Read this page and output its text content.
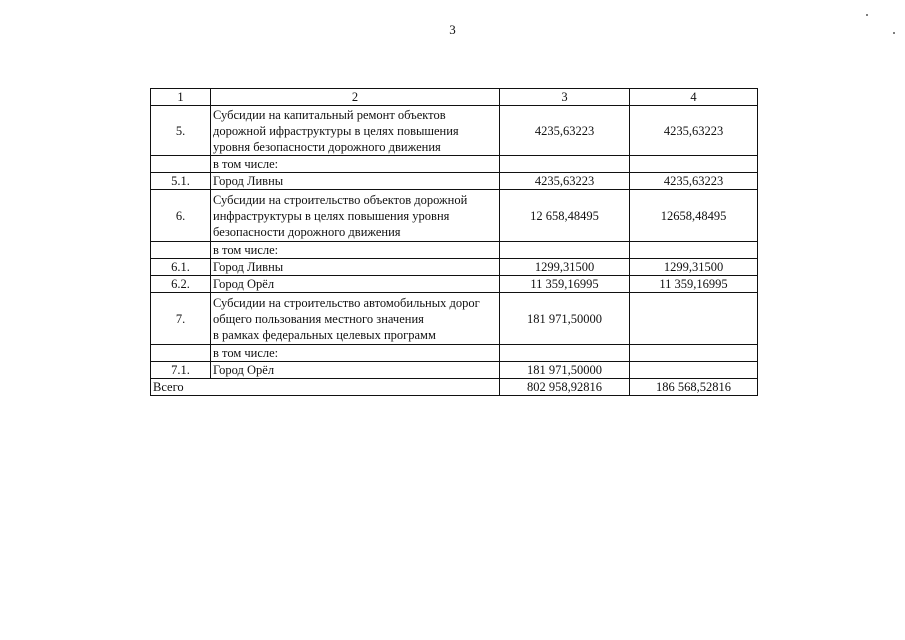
3
1	2	3	4
5.	Субсидии на капитальный ремонт объектов
дорожной ифраструктуры в целях повышения
уровня безопасности дорожного движения	4235,63223	4235,63223

	в том числе:		

5.1.	Город Ливны	4235,63223	4235,63223
6.	Субсидии на строительство объектов дорожной
инфраструктуры в целях повышения уровня
безопасности дорожного движения	12 658,48495	12658,48495

	в том числе:		

6.1.	Город Ливны	1299,31500	1299,31500
6.2.	Город Орёл	11 359,16995	11 359,16995
7.	Субсидии на строительство автомобильных дорог
общего пользования местного значения
в рамках федеральных целевых программ	181 971,50000	

	в том числе:		

7.1.	Город Орёл	181 971,50000	
Всего		802 958,92816	186 568,52816
